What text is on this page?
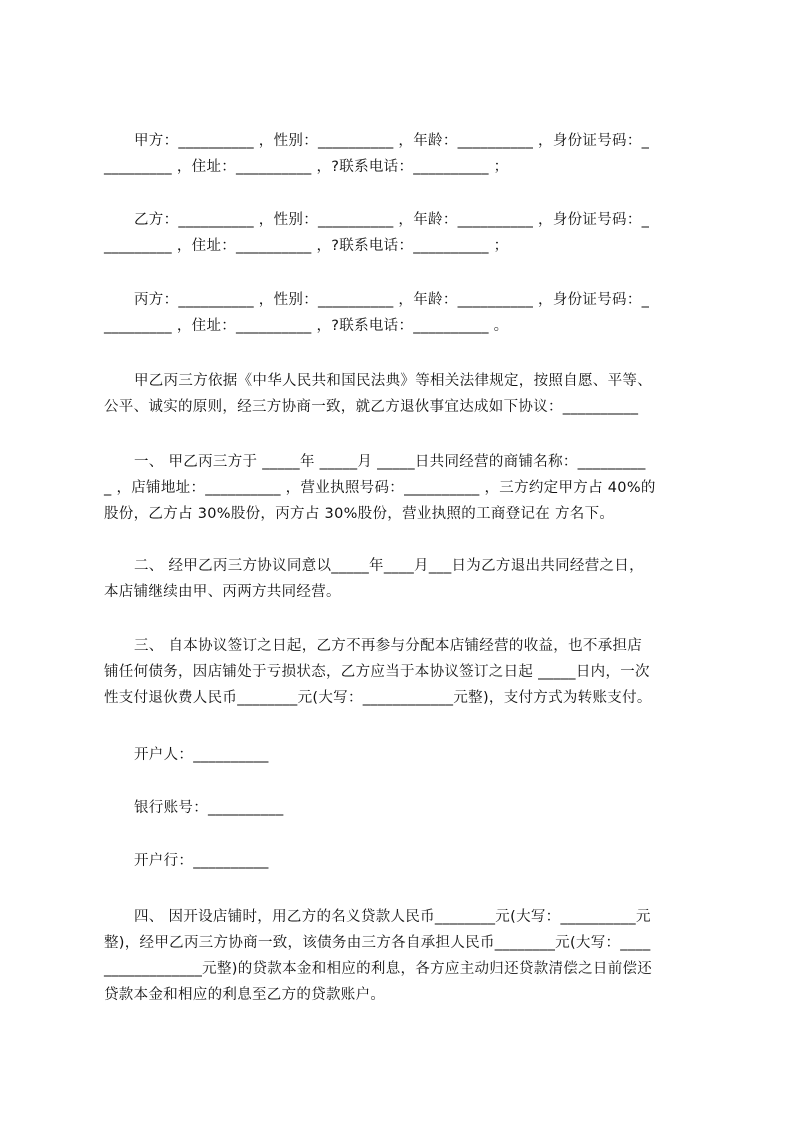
甲方：__________ ，性别：__________ ，年龄：__________ ，身份证号码：_
_________ ，住址：__________ ，?联系电话：__________ ；
乙方：__________ ，性别：__________ ，年龄：__________ ，身份证号码：_
_________ ，住址：__________ ，?联系电话：__________ ；
丙方：__________ ，性别：__________ ，年龄：__________ ，身份证号码：_
_________ ，住址：__________ ，?联系电话：__________ 。
甲乙丙三方依据《中华人民共和国民法典》等相关法律规定，按照自愿、平等、
公平、诚实的原则，经三方协商一致，就乙方退伙事宜达成如下协议：__________
一、 甲乙丙三方于 _____年 _____月 _____日共同经营的商铺名称：_________
_ ，店铺地址：__________ ，营业执照号码：__________ ，三方约定甲方占 40%的
股份，乙方占 30%股份，丙方占 30%股份，营业执照的工商登记在 方名下。
二、 经甲乙丙三方协议同意以_____年____月___日为乙方退出共同经营之日，
本店铺继续由甲、丙两方共同经营。
三、 自本协议签订之日起，乙方不再参与分配本店铺经营的收益，也不承担店
铺任何债务，因店铺处于亏损状态，乙方应当于本协议签订之日起 _____日内，一次
性支付退伙费人民币________元(大写：____________元整)，支付方式为转账支付。
开户人：__________
银行账号：__________
开户行：__________
四、 因开设店铺时，用乙方的名义贷款人民币________元(大写：__________元
整)，经甲乙丙三方协商一致，该债务由三方各自承担人民币________元(大写：____
_____________元整)的贷款本金和相应的利息，各方应主动归还贷款清偿之日前偿还
贷款本金和相应的利息至乙方的贷款账户。
